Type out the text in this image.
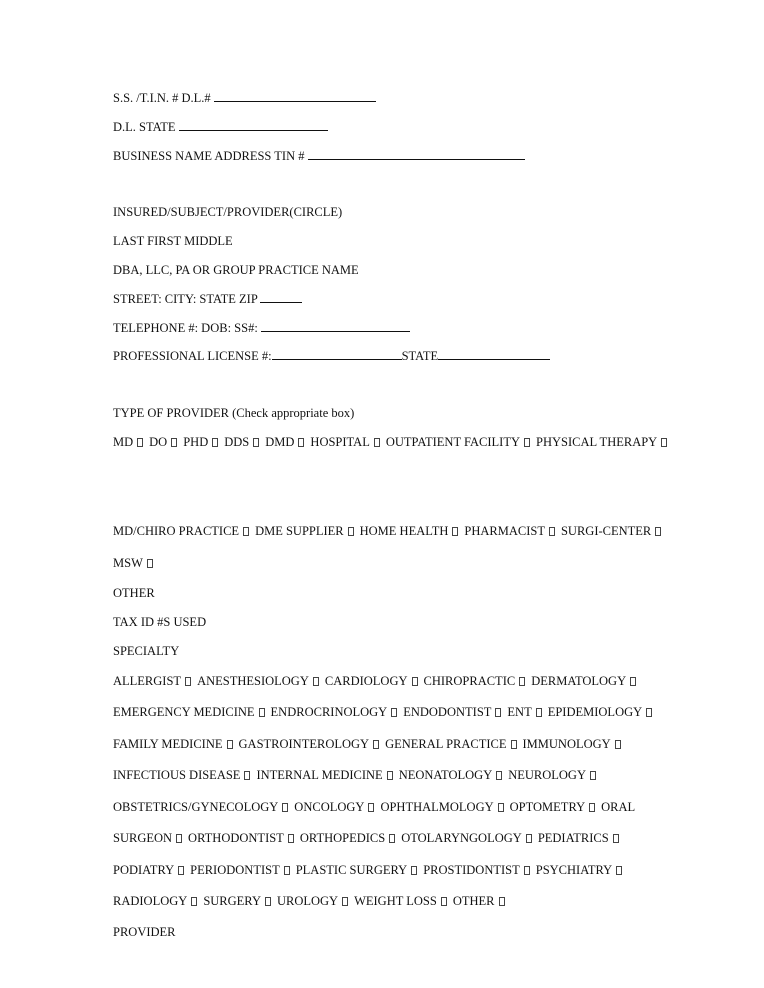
S.S. /T.I.N. # D.L.#
D.L. STATE
BUSINESS NAME ADDRESS TIN #
INSURED/SUBJECT/PROVIDER(CIRCLE)
LAST FIRST MIDDLE
DBA, LLC, PA OR GROUP PRACTICE NAME
STREET: CITY: STATE ZIP
TELEPHONE #: DOB: SS#:
PROFESSIONAL LICENSE #:	STATE
TYPE OF PROVIDER (Check appropriate box)
MD DO PHD DDS DMD HOSPITAL OUTPATIENT FACILITY PHYSICAL THERAPY
MD/CHIRO PRACTICE DME SUPPLIER HOME HEALTH PHARMACIST SURGI-CENTER
MSW
OTHER
TAX ID #S USED
SPECIALTY
ALLERGIST ANESTHESIOLOGY CARDIOLOGY CHIROPRACTIC DERMATOLOGY
EMERGENCY MEDICINE ENDROCRINOLOGY ENDODONTIST ENT EPIDEMIOLOGY
FAMILY MEDICINE GASTROINTEROLOGY GENERAL PRACTICE IMMUNOLOGY
INFECTIOUS DISEASE INTERNAL MEDICINE NEONATOLOGY NEUROLOGY
OBSTETRICS/GYNECOLOGY ONCOLOGY OPHTHALMOLOGY OPTOMETRY ORAL
SURGEON ORTHODONTIST ORTHOPEDICS OTOLARYNGOLOGY PEDIATRICS
PODIATRY PERIODONTIST PLASTIC SURGERY PROSTIDONTIST PSYCHIATRY
RADIOLOGY SURGERY UROLOGY WEIGHT LOSS OTHER
PROVIDER
